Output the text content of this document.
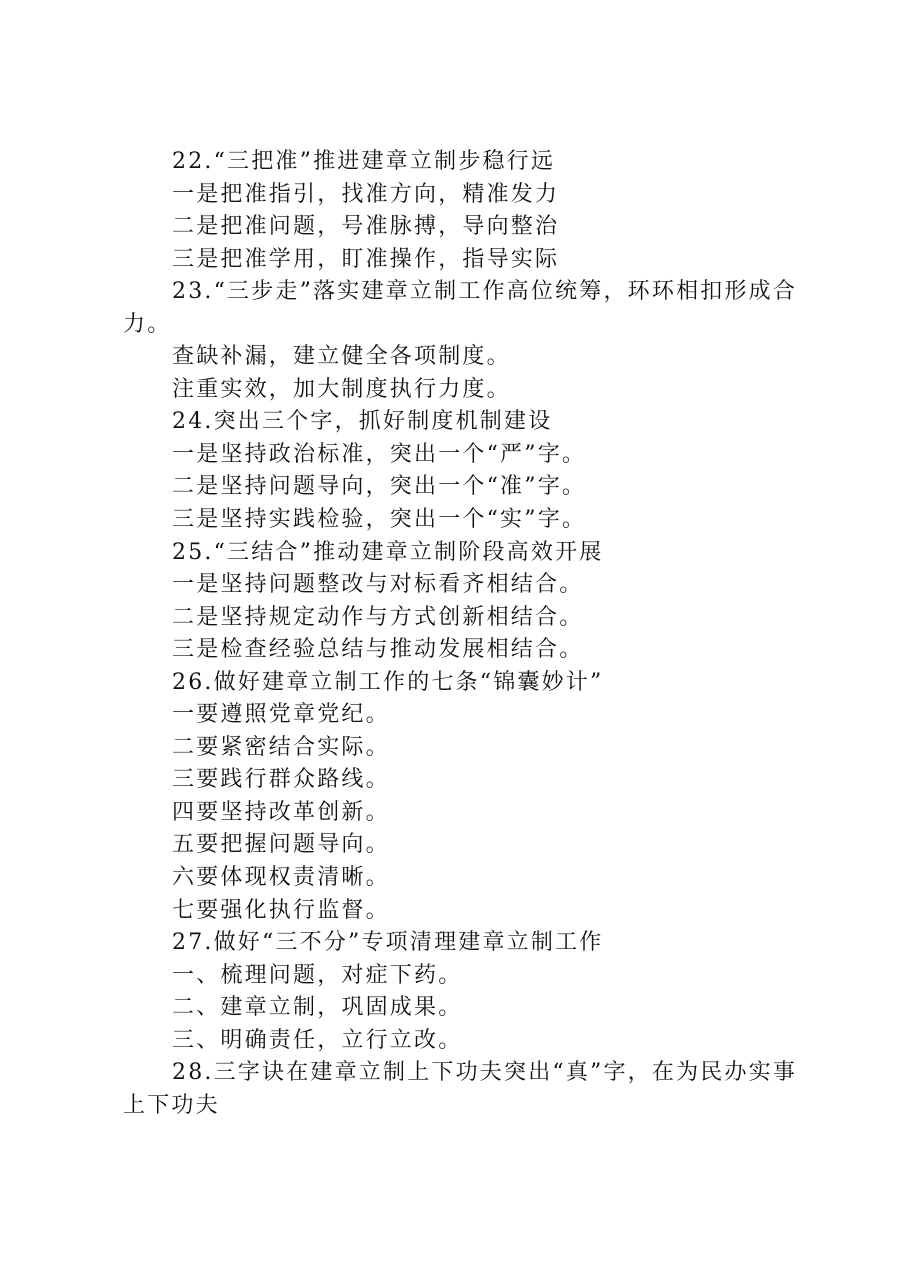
22.“三把准”推进建章立制步稳行远
一是把准指引，找准方向，精准发力
二是把准问题，号准脉搏，导向整治
三是把准学用，盯准操作，指导实际
23.“三步走”落实建章立制工作高位统筹，环环相扣形成合力。
查缺补漏，建立健全各项制度。
注重实效，加大制度执行力度。
24.突出三个字，抓好制度机制建设
一是坚持政治标准，突出一个“严”字。
二是坚持问题导向，突出一个“准”字。
三是坚持实践检验，突出一个“实”字。
25.“三结合”推动建章立制阶段高效开展
一是坚持问题整改与对标看齐相结合。
二是坚持规定动作与方式创新相结合。
三是检查经验总结与推动发展相结合。
26.做好建章立制工作的七条“锦囊妙计”
一要遵照党章党纪。
二要紧密结合实际。
三要践行群众路线。
四要坚持改革创新。
五要把握问题导向。
六要体现权责清晰。
七要强化执行监督。
27.做好“三不分”专项清理建章立制工作
一、梳理问题，对症下药。
二、建章立制，巩固成果。
三、明确责任，立行立改。
28.三字诀在建章立制上下功夫突出“真”字，在为民办实事上下功夫
